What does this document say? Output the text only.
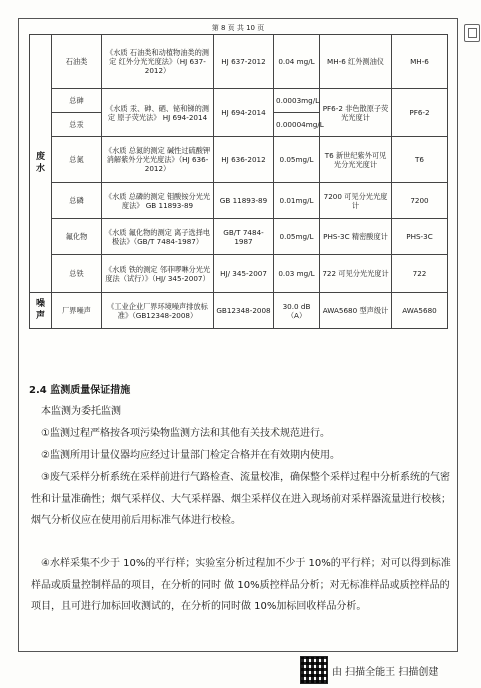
第 8 页 共 10 页
废水	石油类	《水质 石油类和动植物油类的测定 红外分光光度法》（HJ 637-2012）	HJ 637-2012	0.04 mg/L	MH-6 红外测油仪	MH-6
	总砷	《水质 汞、砷、硒、铋和锑的测定 原子荧光法》 HJ 694-2014	HJ 694-2014	0.0003mg/L	PF6-2 非色散原子荧光光度计	PF6-2
	总汞			0.00004mg/L		
	总氮	《水质 总氮的测定 碱性过硫酸钾消解紫外分光光度法》（HJ 636-2012）	HJ 636-2012	0.05mg/L	T6 新世纪紫外可见光分光光度计	T6
	总磷	《水质 总磷的测定 钼酸铵分光光度法》 GB 11893-89	GB 11893-89	0.01mg/L	7200 可见分光光度计	7200
	氟化物	《水质 氟化物的测定 离子选择电极法》（GB/T 7484-1987）	GB/T 7484-1987	0.05mg/L	PHS-3C 精密酸度计	PHS-3C
	总铁	《水质 铁的测定 邻菲啰啉分光光度法（试行）》（HJ/ 345-2007）	HJ/ 345-2007	0.03 mg/L	722 可见分光光度计	722
噪声	厂界噪声	《工业企业厂界环境噪声排放标准》（GB12348-2008）	GB12348-2008	30.0 dB（A）	AWA5680 型声级计	AWA5680
2.4 监测质量保证措施
本监测为委托监测
①监测过程严格按各项污染物监测方法和其他有关技术规范进行。
②监测所用计量仪器均应经过计量部门检定合格并在有效期内使用。
③废气采样分析系统在采样前进行气路检查、流量校准，确保整个采样过程中分析系统的气密性和计量准确性；烟气采样仪、大气采样器、烟尘采样仪在进入现场前对采样器流量进行校核；烟气分析仪应在使用前后用标准气体进行校检。
④水样采集不少于 10%的平行样；实验室分析过程加不少于 10%的平行样；对可以得到标准样品或质量控制样品的项目，在分析的同时 做 10%质控样品分析；对无标准样品或质控样品的项目，且可进行加标回收测试的，在分析的同时做 10%加标回收样品分析。
由 扫描全能王 扫描创建
